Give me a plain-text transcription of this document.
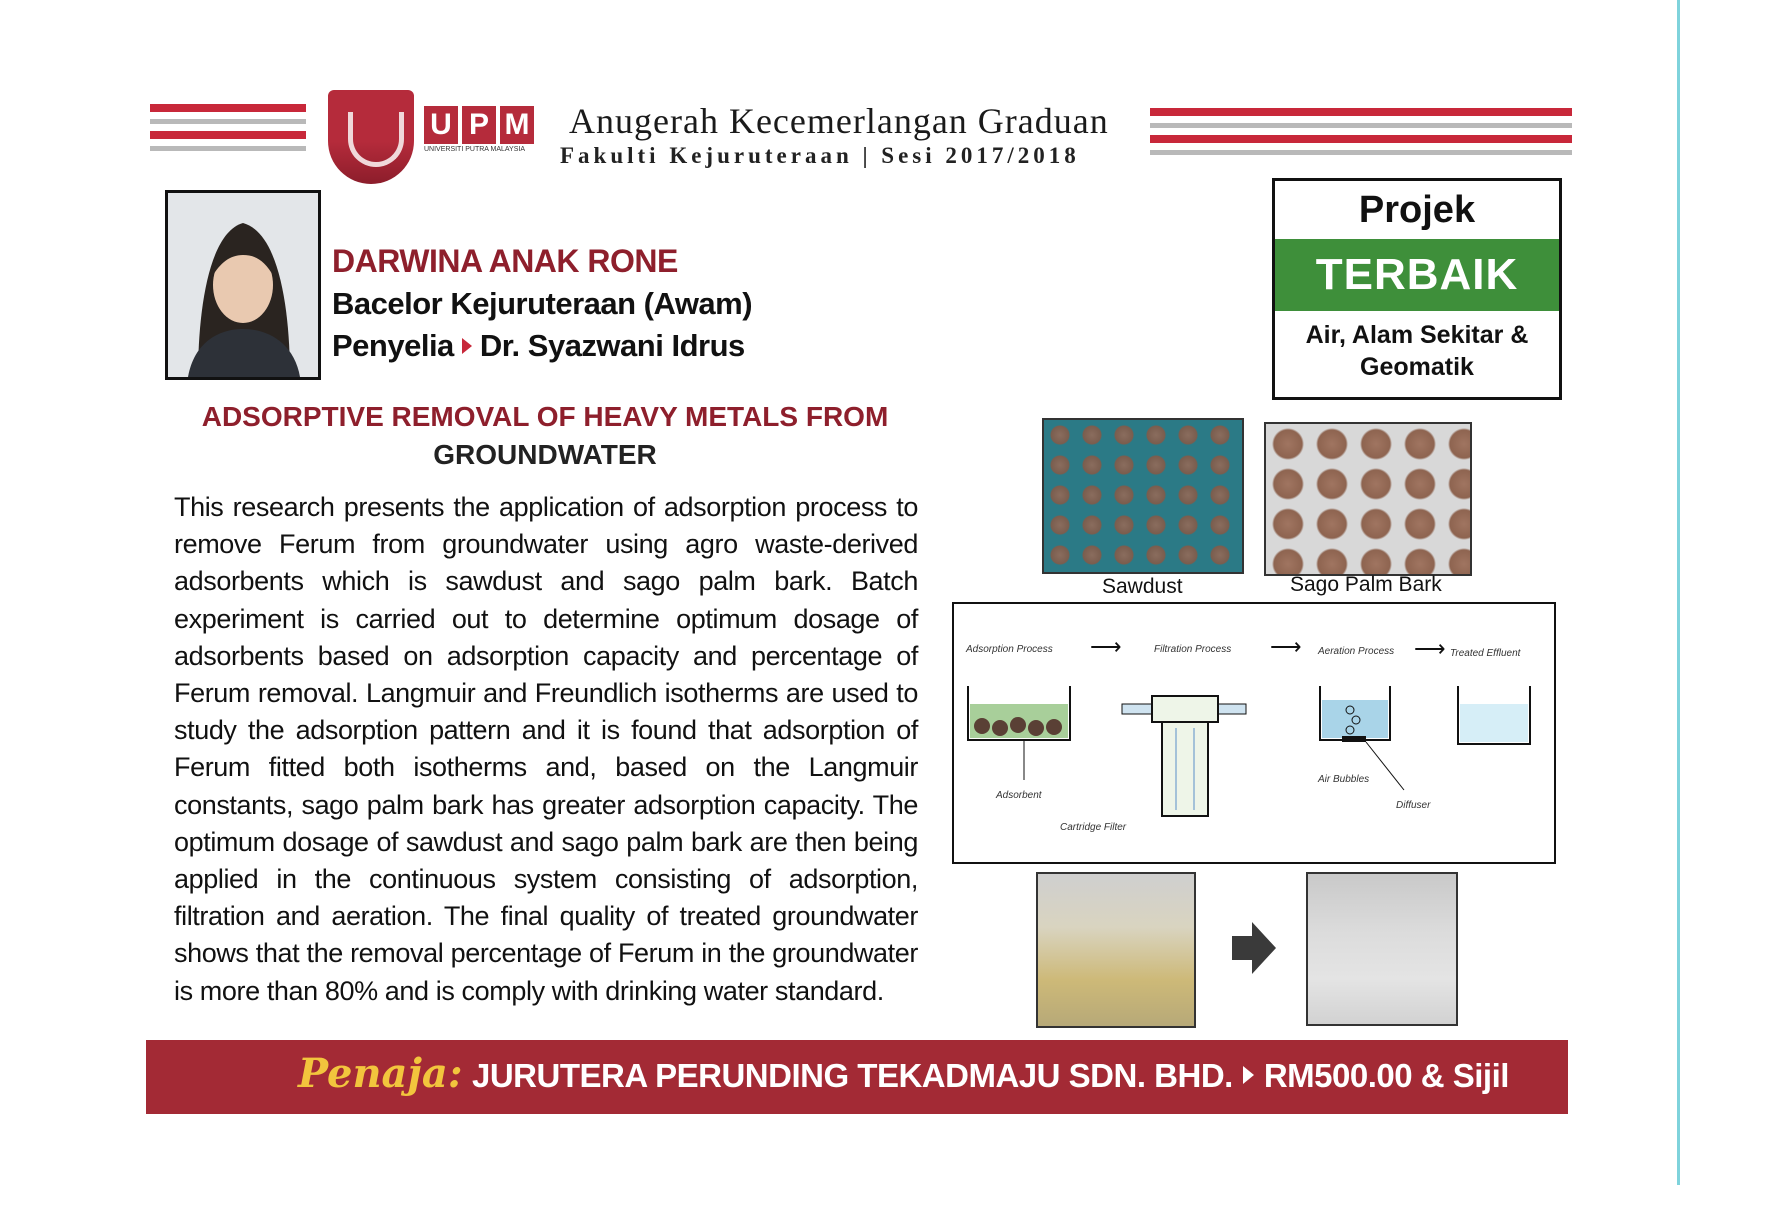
U P M
UNIVERSITI PUTRA MALAYSIA
Anugerah Kecemerlangan Graduan
Fakulti Kejuruteraan | Sesi 2017/2018
DARWINA ANAK RONE
Bacelor Kejuruteraan (Awam)
Penyelia Dr. Syazwani Idrus
Projek
TERBAIK
Air, Alam Sekitar &
Geomatik
ADSORPTIVE REMOVAL OF HEAVY METALS FROM
GROUNDWATER
This research presents the application of adsorption process to remove Ferum from groundwater using agro waste-derived adsorbents which is sawdust and sago palm bark. Batch experiment is carried out to determine optimum dosage of adsorbents based on adsorption capacity and percentage of Ferum removal. Langmuir and Freundlich isotherms are used to study the adsorption pattern and it is found that adsorption of Ferum fitted both isotherms and, based on the Langmuir constants, sago palm bark has greater adsorption capacity. The optimum dosage of sawdust and sago palm bark are then being applied in the continuous system consisting of adsorption, filtration and aeration. The final quality of treated groundwater shows that the removal percentage of Ferum in the groundwater is more than 80% and is comply with drinking water standard.
Sawdust	Sago Palm Bark
Adsorption Process ⟶	Filtration Process ⟶ Aeration Process ⟶ Treated Effluent
Adsorbent
Cartridge Filter
Air Bubbles
Diffuser
Penaja: JURUTERA PERUNDING TEKADMAJU SDN. BHD. RM500.00 & Sijil
